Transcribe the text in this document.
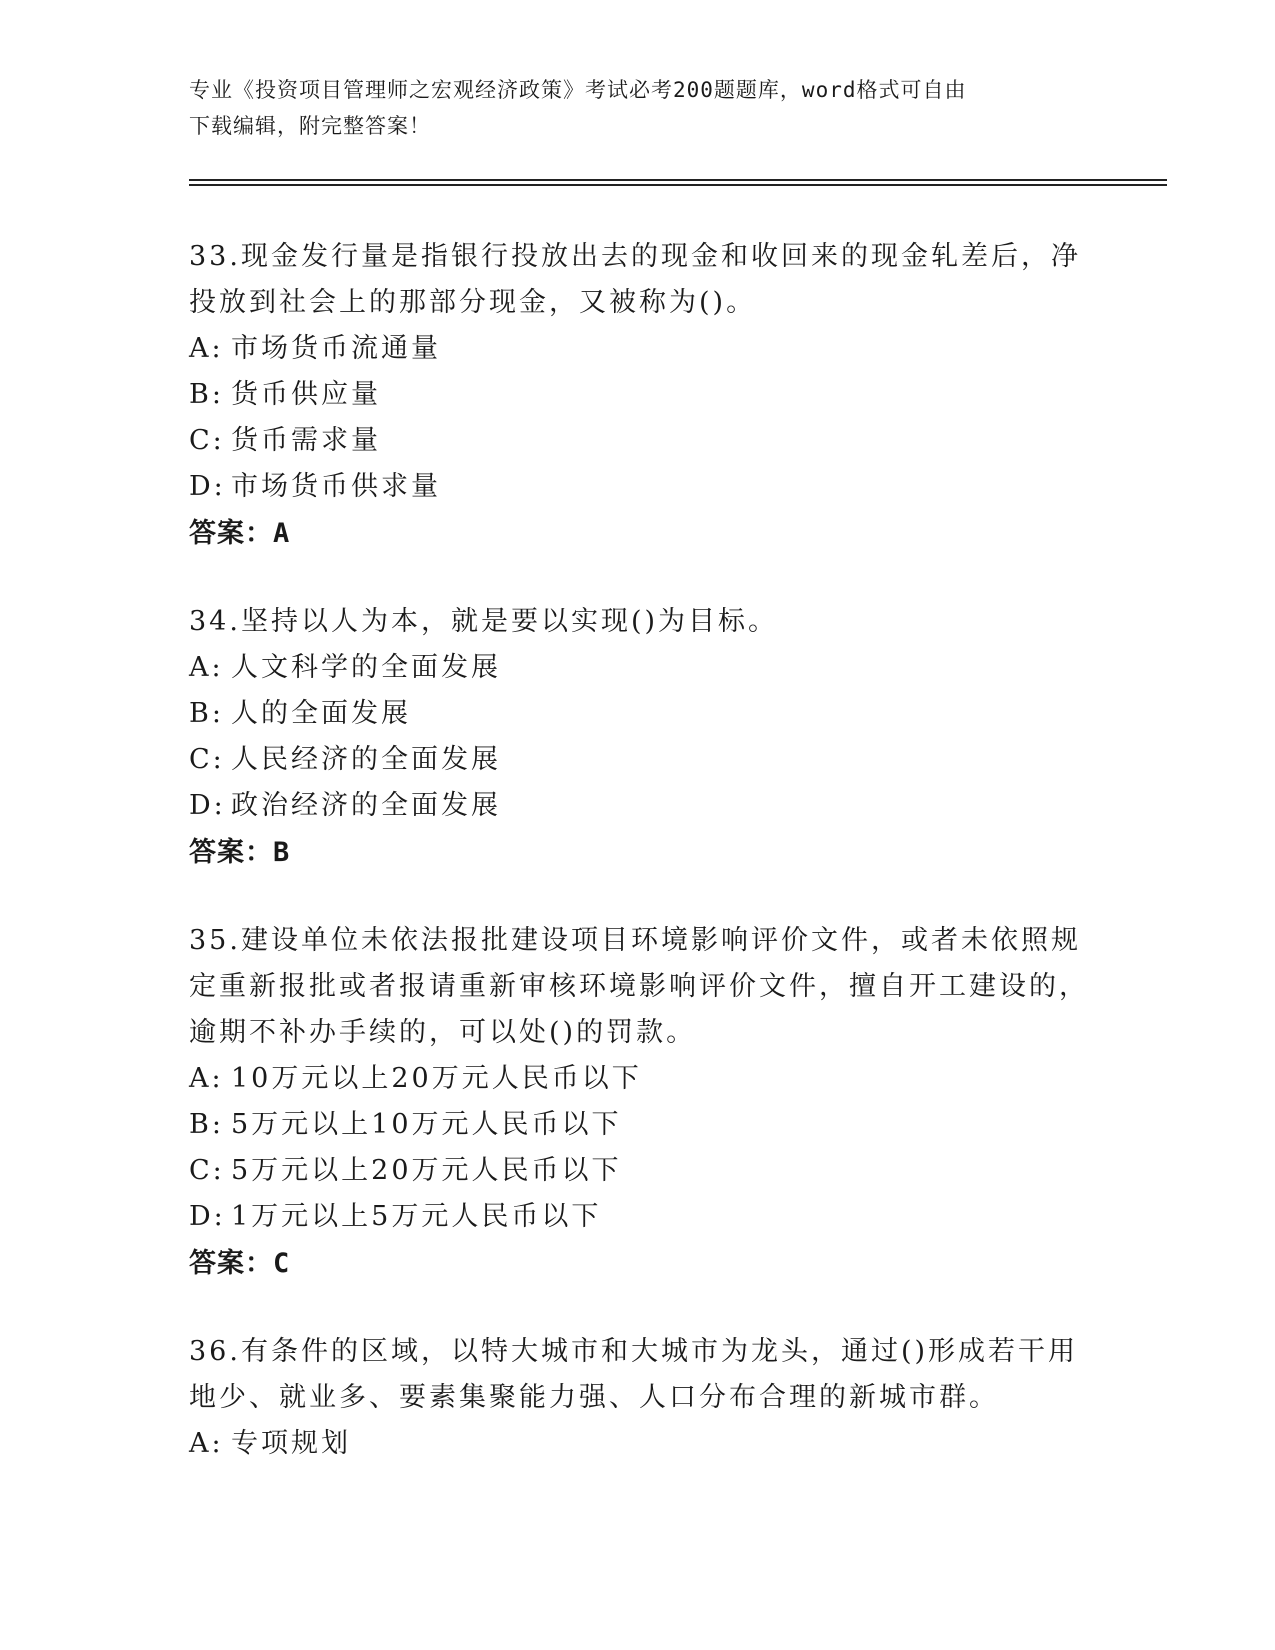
专业《投资项目管理师之宏观经济政策》考试必考200题题库，word格式可自由
下载编辑，附完整答案！

33.现金发行量是指银行投放出去的现金和收回来的现金轧差后，净投放到社会上的那部分现金，又被称为()。

A: 市场货币流通量

B: 货币供应量

C: 货币需求量

D: 市场货币供求量

答案：A

34.坚持以人为本，就是要以实现()为目标。

A: 人文科学的全面发展

B: 人的全面发展

C: 人民经济的全面发展

D: 政治经济的全面发展

答案：B

35.建设单位未依法报批建设项目环境影响评价文件，或者未依照规定重新报批或者报请重新审核环境影响评价文件，擅自开工建设的，逾期不补办手续的，可以处()的罚款。

A: 10万元以上20万元人民币以下

B: 5万元以上10万元人民币以下

C: 5万元以上20万元人民币以下

D: 1万元以上5万元人民币以下

答案：C

36.有条件的区域，以特大城市和大城市为龙头，通过()形成若干用地少、就业多、要素集聚能力强、人口分布合理的新城市群。

A: 专项规划
